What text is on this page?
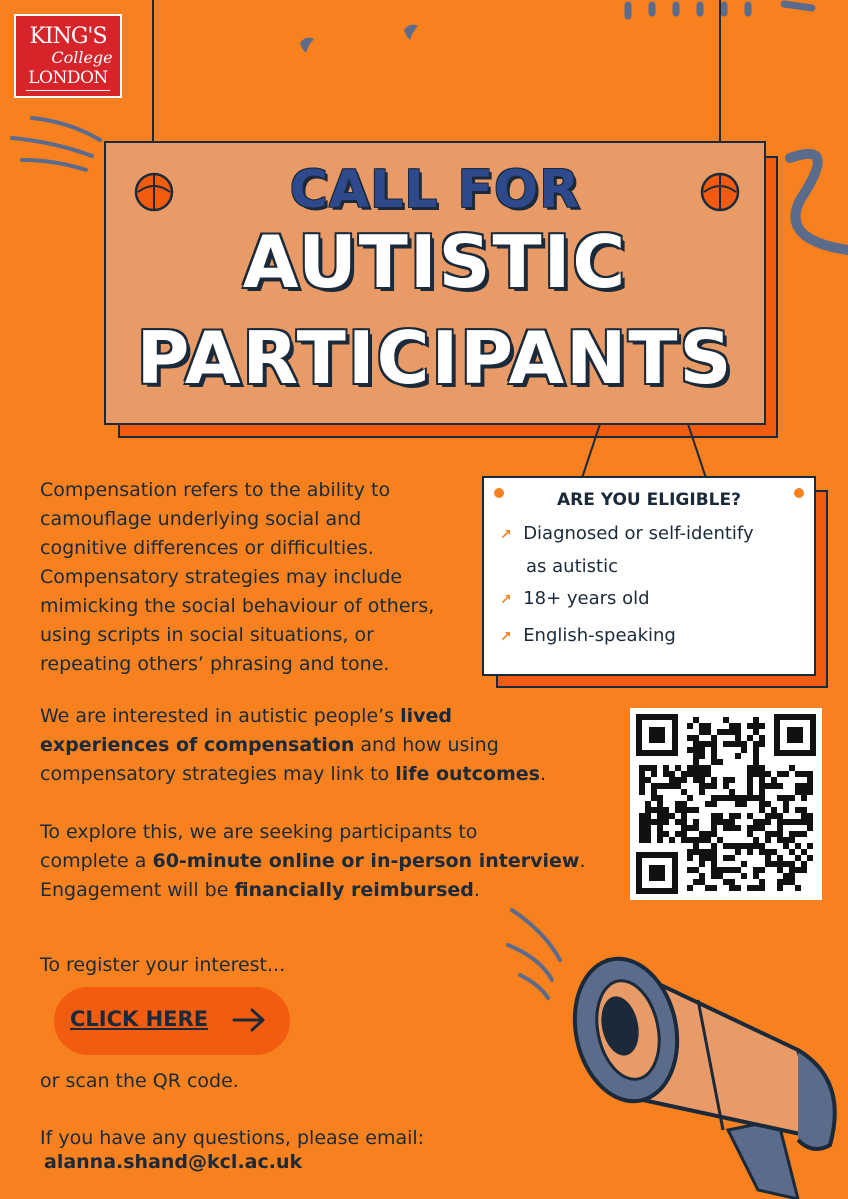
KING'S
College
LONDON
CALL FOR
AUTISTIC
PARTICIPANTS
ARE YOU ELIGIBLE?
↗ Diagnosed or self-identify
as autistic
↗ 18+ years old
↗ English-speaking
Compensation refers to the ability to
camouflage underlying social and
cognitive differences or difficulties.
Compensatory strategies may include
mimicking the social behaviour of others,
using scripts in social situations, or
repeating others’ phrasing and tone.
We are interested in autistic people’s lived
experiences of compensation and how using
compensatory strategies may link to life outcomes.
To explore this, we are seeking participants to
complete a 60-minute online or in-person interview.
Engagement will be financially reimbursed.
To register your interest...
CLICK HERE
or scan the QR code.
If you have any questions, please email:
alanna.shand@kcl.ac.uk
